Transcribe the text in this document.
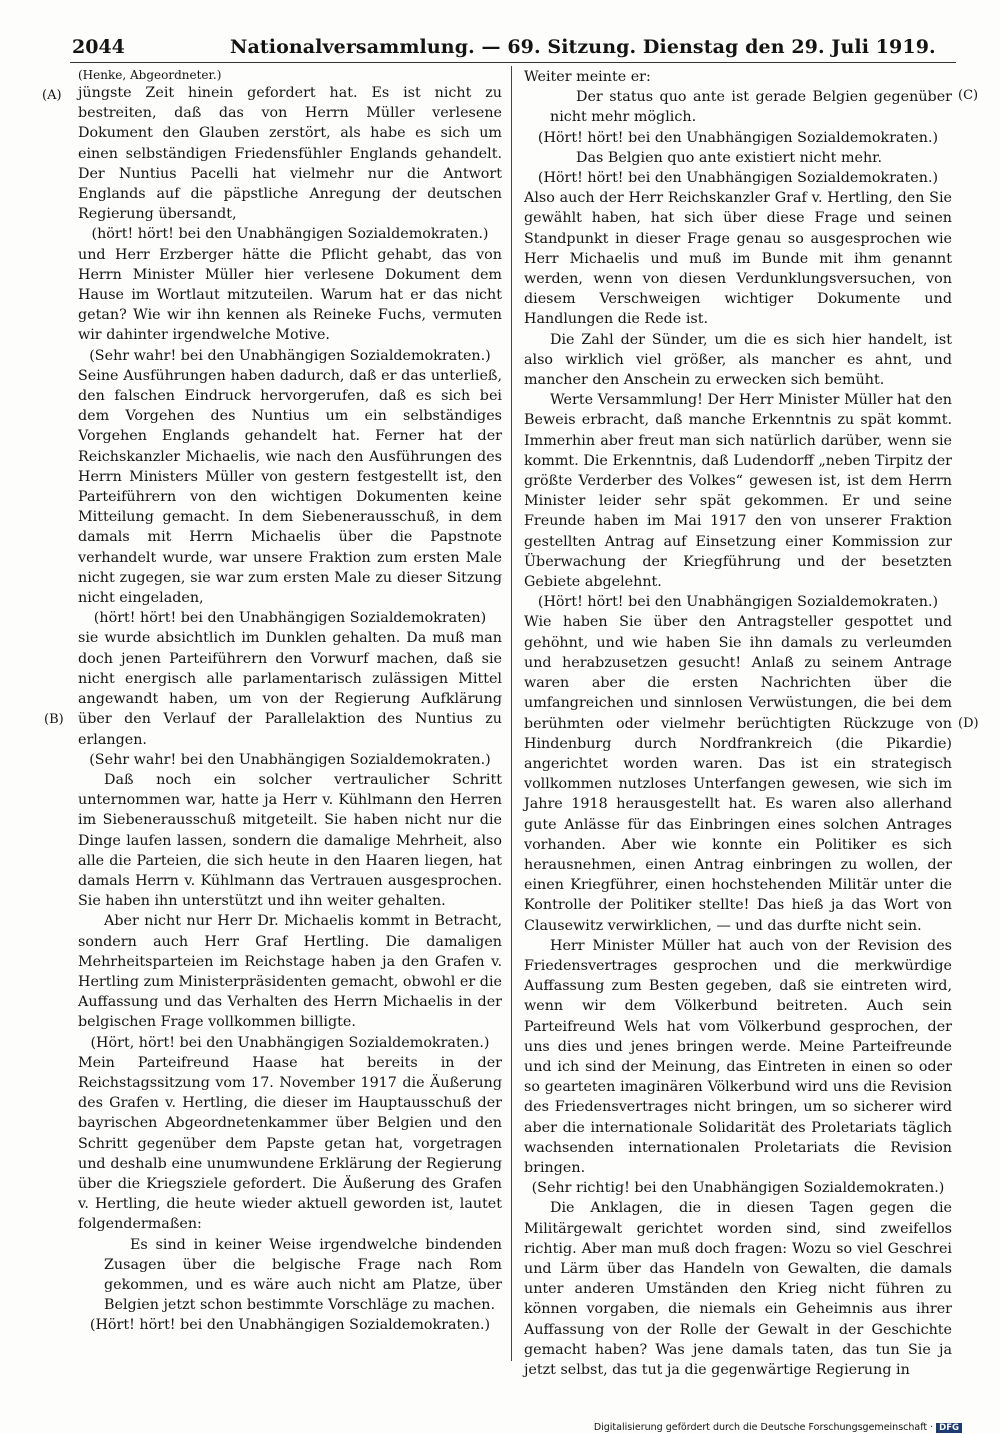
2044	Nationalversammlung. — 69. Sitzung. Dienstag den 29. Juli 1919.
(A)
(B)
(C)
(D)

(Henke, Abgeordneter.)

jüngste Zeit hinein gefordert hat. Es ist nicht zu bestreiten, daß das von Herrn Müller verlesene Dokument den Glauben zerstört, als habe es sich um einen selbständigen Friedensfühler Englands gehandelt. Der Nuntius Pacelli hat vielmehr nur die Antwort Englands auf die päpstliche Anregung der deutschen Regierung übersandt,

(hört! hört! bei den Unabhängigen Sozialdemokraten.)

und Herr Erzberger hätte die Pflicht gehabt, das von Herrn Minister Müller hier verlesene Dokument dem Hause im Wortlaut mitzuteilen. Warum hat er das nicht getan? Wie wir ihn kennen als Reineke Fuchs, vermuten wir dahinter irgendwelche Motive.

(Sehr wahr! bei den Unabhängigen Sozialdemokraten.)

Seine Ausführungen haben dadurch, daß er das unterließ, den falschen Eindruck hervorgerufen, daß es sich bei dem Vorgehen des Nuntius um ein selbständiges Vorgehen Englands gehandelt hat. Ferner hat der Reichskanzler Michaelis, wie nach den Ausführungen des Herrn Ministers Müller von gestern festgestellt ist, den Parteiführern von den wichtigen Dokumenten keine Mitteilung gemacht. In dem Siebenerausschuß, in dem damals mit Herrn Michaelis über die Papstnote verhandelt wurde, war unsere Fraktion zum ersten Male nicht zugegen, sie war zum ersten Male zu dieser Sitzung nicht eingeladen,

(hört! hört! bei den Unabhängigen Sozialdemokraten)

sie wurde absichtlich im Dunklen gehalten. Da muß man doch jenen Parteiführern den Vorwurf machen, daß sie nicht energisch alle parlamentarisch zulässigen Mittel angewandt haben, um von der Regierung Aufklärung über den Verlauf der Parallelaktion des Nuntius zu erlangen.

(Sehr wahr! bei den Unabhängigen Sozialdemokraten.)

Daß noch ein solcher vertraulicher Schritt unternommen war, hatte ja Herr v. Kühlmann den Herren im Siebenerausschuß mitgeteilt. Sie haben nicht nur die Dinge laufen lassen, sondern die damalige Mehrheit, also alle die Parteien, die sich heute in den Haaren liegen, hat damals Herrn v. Kühlmann das Vertrauen ausgesprochen. Sie haben ihn unterstützt und ihn weiter gehalten.

Aber nicht nur Herr Dr. Michaelis kommt in Betracht, sondern auch Herr Graf Hertling. Die damaligen Mehrheitsparteien im Reichstage haben ja den Grafen v. Hertling zum Ministerpräsidenten gemacht, obwohl er die Auffassung und das Verhalten des Herrn Michaelis in der belgischen Frage vollkommen billigte.

(Hört, hört! bei den Unabhängigen Sozialdemokraten.)

Mein Parteifreund Haase hat bereits in der Reichstagssitzung vom 17. November 1917 die Äußerung des Grafen v. Hertling, die dieser im Hauptausschuß der bayrischen Abgeordnetenkammer über Belgien und den Schritt gegenüber dem Papste getan hat, vorgetragen und deshalb eine unumwundene Erklärung der Regierung über die Kriegsziele gefordert. Die Äußerung des Grafen v. Hertling, die heute wieder aktuell geworden ist, lautet folgendermaßen:

Es sind in keiner Weise irgendwelche bindenden Zusagen über die belgische Frage nach Rom gekommen, und es wäre auch nicht am Platze, über Belgien jetzt schon bestimmte Vorschläge zu machen.

(Hört! hört! bei den Unabhängigen Sozialdemokraten.)

Weiter meinte er:

Der status quo ante ist gerade Belgien gegenüber nicht mehr möglich.

(Hört! hört! bei den Unabhängigen Sozialdemokraten.)

Das Belgien quo ante existiert nicht mehr.

(Hört! hört! bei den Unabhängigen Sozialdemokraten.)

Also auch der Herr Reichskanzler Graf v. Hertling, den Sie gewählt haben, hat sich über diese Frage und seinen Standpunkt in dieser Frage genau so ausgesprochen wie Herr Michaelis und muß im Bunde mit ihm genannt werden, wenn von diesen Verdunklungsversuchen, von diesem Verschweigen wichtiger Dokumente und Handlungen die Rede ist.

Die Zahl der Sünder, um die es sich hier handelt, ist also wirklich viel größer, als mancher es ahnt, und mancher den Anschein zu erwecken sich bemüht.

Werte Versammlung! Der Herr Minister Müller hat den Beweis erbracht, daß manche Erkenntnis zu spät kommt. Immerhin aber freut man sich natürlich darüber, wenn sie kommt. Die Erkenntnis, daß Ludendorff „neben Tirpitz der größte Verderber des Volkes“ gewesen ist, ist dem Herrn Minister leider sehr spät gekommen. Er und seine Freunde haben im Mai 1917 den von unserer Fraktion gestellten Antrag auf Einsetzung einer Kommission zur Überwachung der Kriegführung und der besetzten Gebiete abgelehnt.

(Hört! hört! bei den Unabhängigen Sozialdemokraten.)

Wie haben Sie über den Antragsteller gespottet und gehöhnt, und wie haben Sie ihn damals zu verleumden und herabzusetzen gesucht! Anlaß zu seinem Antrage waren aber die ersten Nachrichten über die umfangreichen und sinnlosen Verwüstungen, die bei dem berühmten oder vielmehr berüchtigten Rückzuge von Hindenburg durch Nordfrankreich (die Pikardie) angerichtet worden waren. Das ist ein strategisch vollkommen nutzloses Unterfangen gewesen, wie sich im Jahre 1918 herausgestellt hat. Es waren also allerhand gute Anlässe für das Einbringen eines solchen Antrages vorhanden. Aber wie konnte ein Politiker es sich herausnehmen, einen Antrag einbringen zu wollen, der einen Kriegführer, einen hochstehenden Militär unter die Kontrolle der Politiker stellte! Das hieß ja das Wort von Clausewitz verwirklichen, — und das durfte nicht sein.

Herr Minister Müller hat auch von der Revision des Friedensvertrages gesprochen und die merkwürdige Auffassung zum Besten gegeben, daß sie eintreten wird, wenn wir dem Völkerbund beitreten. Auch sein Parteifreund Wels hat vom Völkerbund gesprochen, der uns dies und jenes bringen werde. Meine Parteifreunde und ich sind der Meinung, das Eintreten in einen so oder so gearteten imaginären Völkerbund wird uns die Revision des Friedensvertrages nicht bringen, um so sicherer wird aber die internationale Solidarität des Proletariats täglich wachsenden internationalen Proletariats die Revision bringen.

(Sehr richtig! bei den Unabhängigen Sozialdemokraten.)

Die Anklagen, die in diesen Tagen gegen die Militärgewalt gerichtet worden sind, sind zweifellos richtig. Aber man muß doch fragen: Wozu so viel Geschrei und Lärm über das Handeln von Gewalten, die damals unter anderen Umständen den Krieg nicht führen zu können vorgaben, die niemals ein Geheimnis aus ihrer Auffassung von der Rolle der Gewalt in der Geschichte gemacht haben? Was jene damals taten, das tun Sie ja jetzt selbst, das tut ja die gegenwärtige Regierung in

Digitalisierung gefördert durch die Deutsche Forschungsgemeinschaft · DFG
